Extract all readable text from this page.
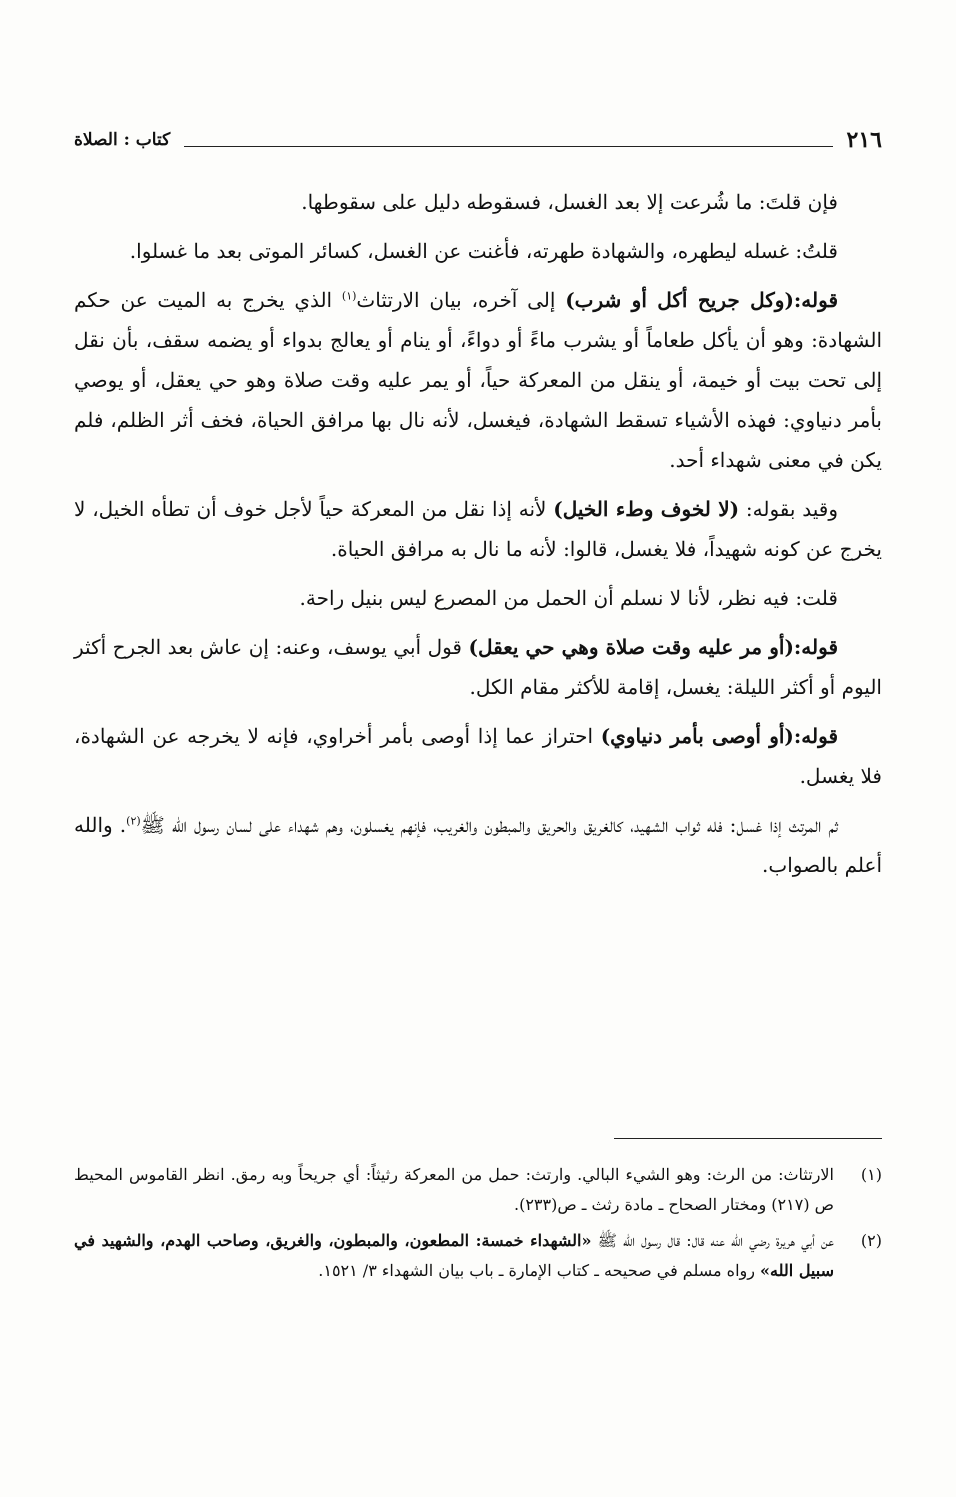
٢١٦
كتاب : الصلاة

فإن قلتَ: ما شُرعت إلا بعد الغسل، فسقوطه دليل على سقوطها.

قلتُ: غسله ليطهره، والشهادة طهرته، فأغنت عن الغسل، كسائر الموتى بعد ما غسلوا.

قوله:(وكل جريح أكل أو شرب) إلى آخره، بيان الارتثاث$^{(١)}$ الذي يخرج به الميت عن حكم الشهادة: وهو أن يأكل طعاماً أو يشرب ماءً أو دواءً، أو ينام أو يعالج بدواء أو يضمه سقف، بأن نقل إلى تحت بيت أو خيمة، أو ينقل من المعركة حياً، أو يمر عليه وقت صلاة وهو حي يعقل، أو يوصي بأمر دنياوي: فهذه الأشياء تسقط الشهادة، فيغسل، لأنه نال بها مرافق الحياة، فخف أثر الظلم، فلم يكن في معنى شهداء أحد.

وقيد بقوله: (لا لخوف وطء الخيل) لأنه إذا نقل من المعركة حياً لأجل خوف أن تطأه الخيل، لا يخرج عن كونه شهيداً، فلا يغسل، قالوا: لأنه ما نال به مرافق الحياة.

قلت: فيه نظر، لأنا لا نسلم أن الحمل من المصرع ليس بنيل راحة.

قوله:(أو مر عليه وقت صلاة وهي حي يعقل) قول أبي يوسف، وعنه: إن عاش بعد الجرح أكثر اليوم أو أكثر الليلة: يغسل، إقامة للأكثر مقام الكل.

قوله:(أو أوصى بأمر دنياوي) احتراز عما إذا أوصى بأمر أخراوي، فإنه لا يخرجه عن الشهادة، فلا يغسل.

ثم المرتث إذا غسل: فله ثواب الشهيد، كالغريق والحريق والمبطون والغريب، فإنهم يغسلون، وهم شهداء على لسان رسول الله ﷺ$^{(٢)}$. والله أعلم بالصواب.

(١)
الارتثاث: من الرث: وهو الشيء البالي. وارتث: حمل من المعركة رثيثاً: أي جريحاً وبه رمق. انظر القاموس المحيط ص (٢١٧) ومختار الصحاح ـ مادة رثث ـ ص(٢٣٣).
(٢)
عن أبي هريرة رضي الله عنه قال: قال رسول الله ﷺ «الشهداء خمسة: المطعون، والمبطون، والغريق، وصاحب الهدم، والشهيد في سبيل الله» رواه مسلم في صحيحه ـ كتاب الإمارة ـ باب بيان الشهداء ٣/ ١٥٢١.
